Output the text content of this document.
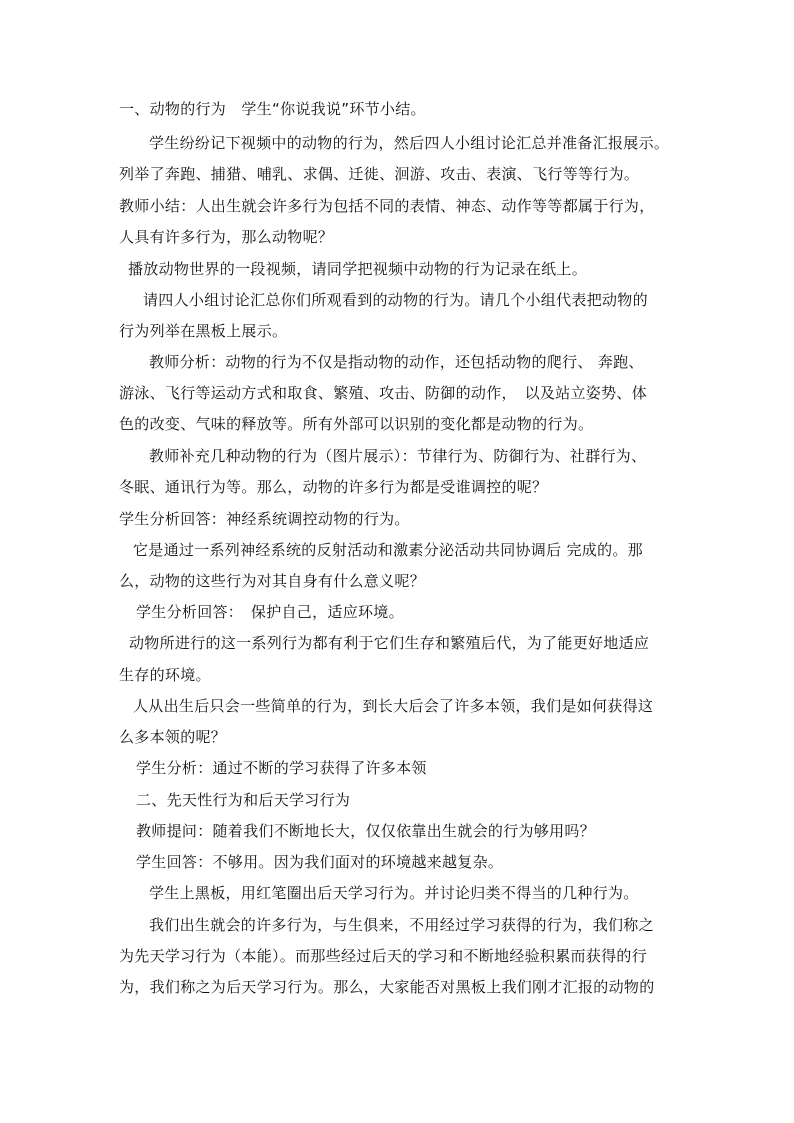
一、动物的行为　学生“你说我说”环节小结。
学生纷纷记下视频中的动物的行为，然后四人小组讨论汇总并准备汇报展示。
列举了奔跑、捕猎、哺乳、求偶、迁徙、洄游、攻击、表演、飞行等等行为。
教师小结：人出生就会许多行为包括不同的表情、神态、动作等等都属于行为，
人具有许多行为，那么动物呢？
播放动物世界的一段视频，请同学把视频中动物的行为记录在纸上。
请四人小组讨论汇总你们所观看到的动物的行为。请几个小组代表把动物的
行为列举在黑板上展示。
教师分析：动物的行为不仅是指动物的动作，还包括动物的爬行、 奔跑、
游泳、飞行等运动方式和取食、繁殖、攻击、防御的动作，　以及站立姿势、体
色的改变、气味的释放等。所有外部可以识别的变化都是动物的行为。
教师补充几种动物的行为（图片展示）：节律行为、防御行为、社群行为、
冬眠、通讯行为等。那么，动物的许多行为都是受谁调控的呢？
学生分析回答：神经系统调控动物的行为。
它是通过一系列神经系统的反射活动和激素分泌活动共同协调后 完成的。那
么，动物的这些行为对其自身有什么意义呢？
学生分析回答：　保护自己，适应环境。
动物所进行的这一系列行为都有利于它们生存和繁殖后代，为了能更好地适应
生存的环境。
人从出生后只会一些简单的行为，到长大后会了许多本领，我们是如何获得这
么多本领的呢？
学生分析：通过不断的学习获得了许多本领
二、先天性行为和后天学习行为
教师提问：随着我们不断地长大，仅仅依靠出生就会的行为够用吗？
学生回答：不够用。因为我们面对的环境越来越复杂。
学生上黑板，用红笔圈出后天学习行为。并讨论归类不得当的几种行为。
我们出生就会的许多行为，与生俱来，不用经过学习获得的行为，我们称之
为先天学习行为（本能）。而那些经过后天的学习和不断地经验积累而获得的行
为，我们称之为后天学习行为。那么，大家能否对黑板上我们刚才汇报的动物的
